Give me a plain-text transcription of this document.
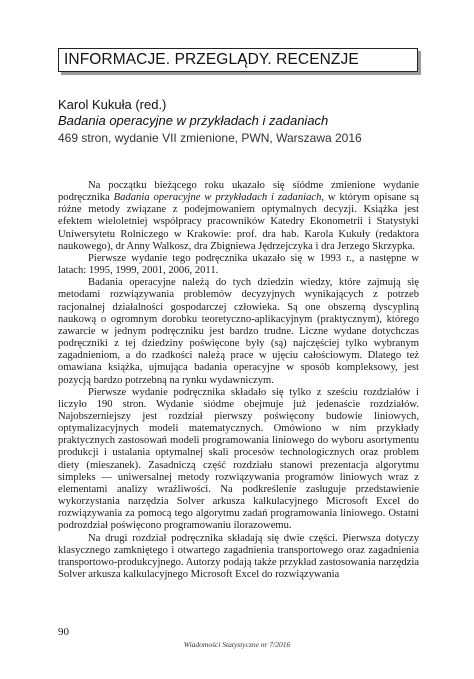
INFORMACJE. PRZEGLĄDY. RECENZJE
Karol Kukuła (red.)
Badania operacyjne w przykładach i zadaniach
469 stron, wydanie VII zmienione, PWN, Warszawa 2016

Na początku bieżącego roku ukazało się siódme zmienione wydanie podręcznika Badania operacyjne w przykładach i zadaniach, w którym opisane są różne metody związane z podejmowaniem optymalnych decyzji. Książka jest efektem wieloletniej współpracy pracowników Katedry Ekonometrii i Statystyki Uniwersytetu Rolniczego w Krakowie: prof. dra hab. Karola Kukuły (redaktora naukowego), dr Anny Walkosz, dra Zbigniewa Jędrzejczyka i dra Jerzego Skrzypka.

Pierwsze wydanie tego podręcznika ukazało się w 1993 r., a następne w latach: 1995, 1999, 2001, 2006, 2011.

Badania operacyjne należą do tych dziedzin wiedzy, które zajmują się metodami rozwiązywania problemów decyzyjnych wynikających z potrzeb racjonalnej działalności gospodarczej człowieka. Są one obszerną dyscypliną naukową o ogromnym dorobku teoretyczno-aplikacyjnym (praktycznym), którego zawarcie w jednym podręczniku jest bardzo trudne. Liczne wydane dotychczas podręczniki z tej dziedziny poświęcone były (są) najczęściej tylko wybranym zagadnieniom, a do rzadkości należą prace w ujęciu całościowym. Dlatego też omawiana książka, ujmująca badania operacyjne w sposób kompleksowy, jest pozycją bardzo potrzebną na rynku wydawniczym.

Pierwsze wydanie podręcznika składało się tylko z sześciu rozdziałów i liczyło 190 stron. Wydanie siódme obejmuje już jedenaście rozdziałów. Najobszerniejszy jest rozdział pierwszy poświęcony budowie liniowych, optymalizacyjnych modeli matematycznych. Omówiono w nim przykłady praktycznych zastosowań modeli programowania liniowego do wyboru asortymentu produkcji i ustalania optymalnej skali procesów technologicznych oraz problem diety (mieszanek). Zasadniczą część rozdziału stanowi prezentacja algorytmu simpleks — uniwersalnej metody rozwiązywania programów liniowych wraz z elementami analizy wrażliwości. Na podkreślenie zasługuje przedstawienie wykorzystania narzędzia Solver arkusza kalkulacyjnego Microsoft Excel do rozwiązywania za pomocą tego algorytmu zadań programowania liniowego. Ostatni podrozdział poświęcono programowaniu ilorazowemu.

Na drugi rozdział podręcznika składają się dwie części. Pierwsza dotyczy klasycznego zamkniętego i otwartego zagadnienia transportowego oraz zagadnienia transportowo-produkcyjnego. Autorzy podają także przykład zastosowania narzędzia Solver arkusza kalkulacyjnego Microsoft Excel do rozwiązywania

90
Wiadomości Statystyczne nr 7/2016
